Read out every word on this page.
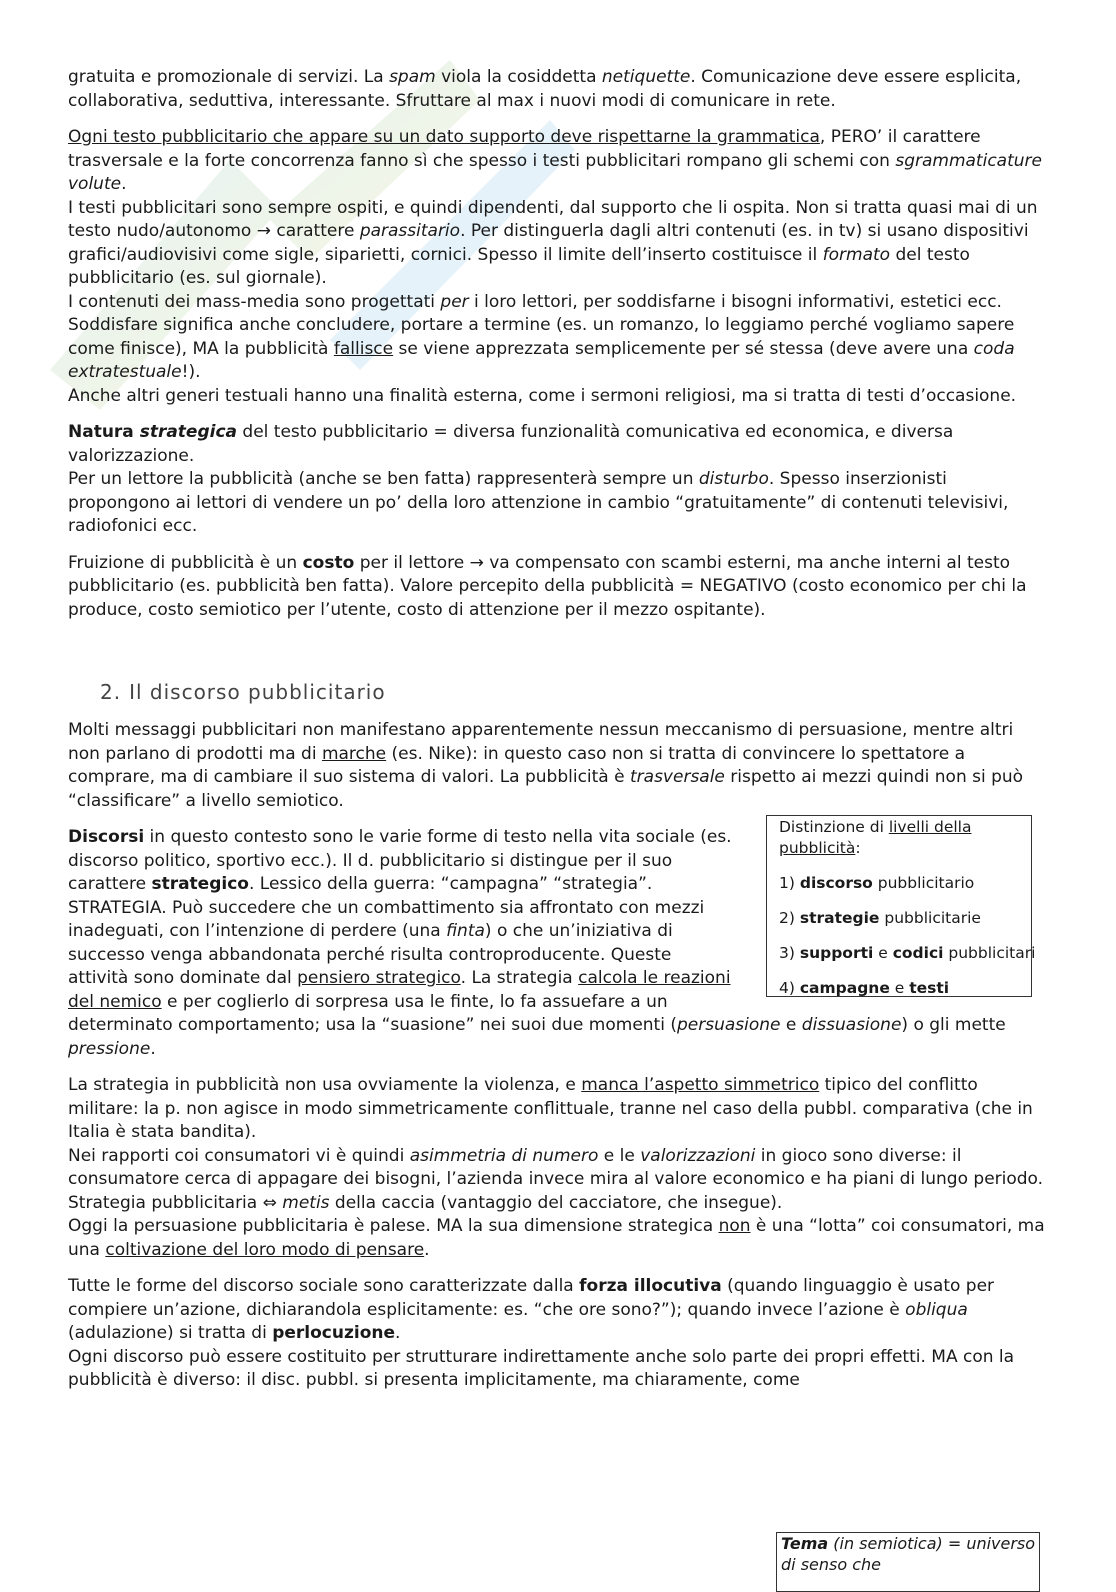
gratuita e promozionale di servizi. La spam viola la cosiddetta netiquette. Comunicazione deve essere esplicita, collaborativa, seduttiva, interessante. Sfruttare al max i nuovi modi di comunicare in rete.

Ogni testo pubblicitario che appare su un dato supporto deve rispettarne la grammatica, PERO’ il carattere trasversale e la forte concorrenza fanno sì che spesso i testi pubblicitari rompano gli schemi con sgrammaticature volute.

I testi pubblicitari sono sempre ospiti, e quindi dipendenti, dal supporto che li ospita. Non si tratta quasi mai di un testo nudo/autonomo → carattere parassitario. Per distinguerla dagli altri contenuti (es. in tv) si usano dispositivi grafici/audiovisivi come sigle, siparietti, cornici. Spesso il limite dell’inserto costituisce il formato del testo pubblicitario (es. sul giornale).

I contenuti dei mass-media sono progettati per i loro lettori, per soddisfarne i bisogni informativi, estetici ecc.

Soddisfare significa anche concludere, portare a termine (es. un romanzo, lo leggiamo perché vogliamo sapere come finisce), MA la pubblicità fallisce se viene apprezzata semplicemente per sé stessa (deve avere una coda extratestuale!).

Anche altri generi testuali hanno una finalità esterna, come i sermoni religiosi, ma si tratta di testi d’occasione.

Natura strategica del testo pubblicitario = diversa funzionalità comunicativa ed economica, e diversa valorizzazione.

Per un lettore la pubblicità (anche se ben fatta) rappresenterà sempre un disturbo. Spesso inserzionisti propongono ai lettori di vendere un po’ della loro attenzione in cambio “gratuitamente” di contenuti televisivi, radiofonici ecc.

Fruizione di pubblicità è un costo per il lettore → va compensato con scambi esterni, ma anche interni al testo pubblicitario (es. pubblicità ben fatta). Valore percepito della pubblicità = NEGATIVO (costo economico per chi la produce, costo semiotico per l’utente, costo di attenzione per il mezzo ospitante).

2. Il discorso pubblicitario

Molti messaggi pubblicitari non manifestano apparentemente nessun meccanismo di persuasione, mentre altri non parlano di prodotti ma di marche (es. Nike): in questo caso non si tratta di convincere lo spettatore a comprare, ma di cambiare il suo sistema di valori. La pubblicità è trasversale rispetto ai mezzi quindi non si può “classificare” a livello semiotico.

Distinzione di livelli della pubblicità:
1) discorso pubblicitario
2) strategie pubblicitarie
3) supporti e codici pubblicitari
4) campagne e testi

Discorsi in questo contesto sono le varie forme di testo nella vita sociale (es. discorso politico, sportivo ecc.). Il d. pubblicitario si distingue per il suo carattere strategico. Lessico della guerra: “campagna” “strategia”.

STRATEGIA. Può succedere che un combattimento sia affrontato con mezzi inadeguati, con l’intenzione di perdere (una finta) o che un’iniziativa di successo venga abbandonata perché risulta controproducente. Queste attività sono dominate dal pensiero strategico. La strategia calcola le reazioni del nemico e per coglierlo di sorpresa usa le finte, lo fa assuefare a un determinato comportamento; usa la “suasione” nei suoi due momenti (persuasione e dissuasione) o gli mette pressione.

La strategia in pubblicità non usa ovviamente la violenza, e manca l’aspetto simmetrico tipico del conflitto militare: la p. non agisce in modo simmetricamente conflittuale, tranne nel caso della pubbl. comparativa (che in Italia è stata bandita).

Nei rapporti coi consumatori vi è quindi asimmetria di numero e le valorizzazioni in gioco sono diverse: il consumatore cerca di appagare dei bisogni, l’azienda invece mira al valore economico e ha piani di lungo periodo.

Strategia pubblicitaria ⇔ metis della caccia (vantaggio del cacciatore, che insegue).

Oggi la persuasione pubblicitaria è palese. MA la sua dimensione strategica non è una “lotta” coi consumatori, ma una coltivazione del loro modo di pensare.

Tutte le forme del discorso sociale sono caratterizzate dalla forza illocutiva (quando linguaggio è usato per compiere un’azione, dichiarandola esplicitamente: es. “che ore sono?”); quando invece l’azione è obliqua (adulazione) si tratta di perlocuzione.

Ogni discorso può essere costituito per strutturare indirettamente anche solo parte dei propri effetti. MA con la pubblicità è diverso: il disc. pubbl. si presenta implicitamente, ma chiaramente, come

Tema (in semiotica) = universo di senso che
